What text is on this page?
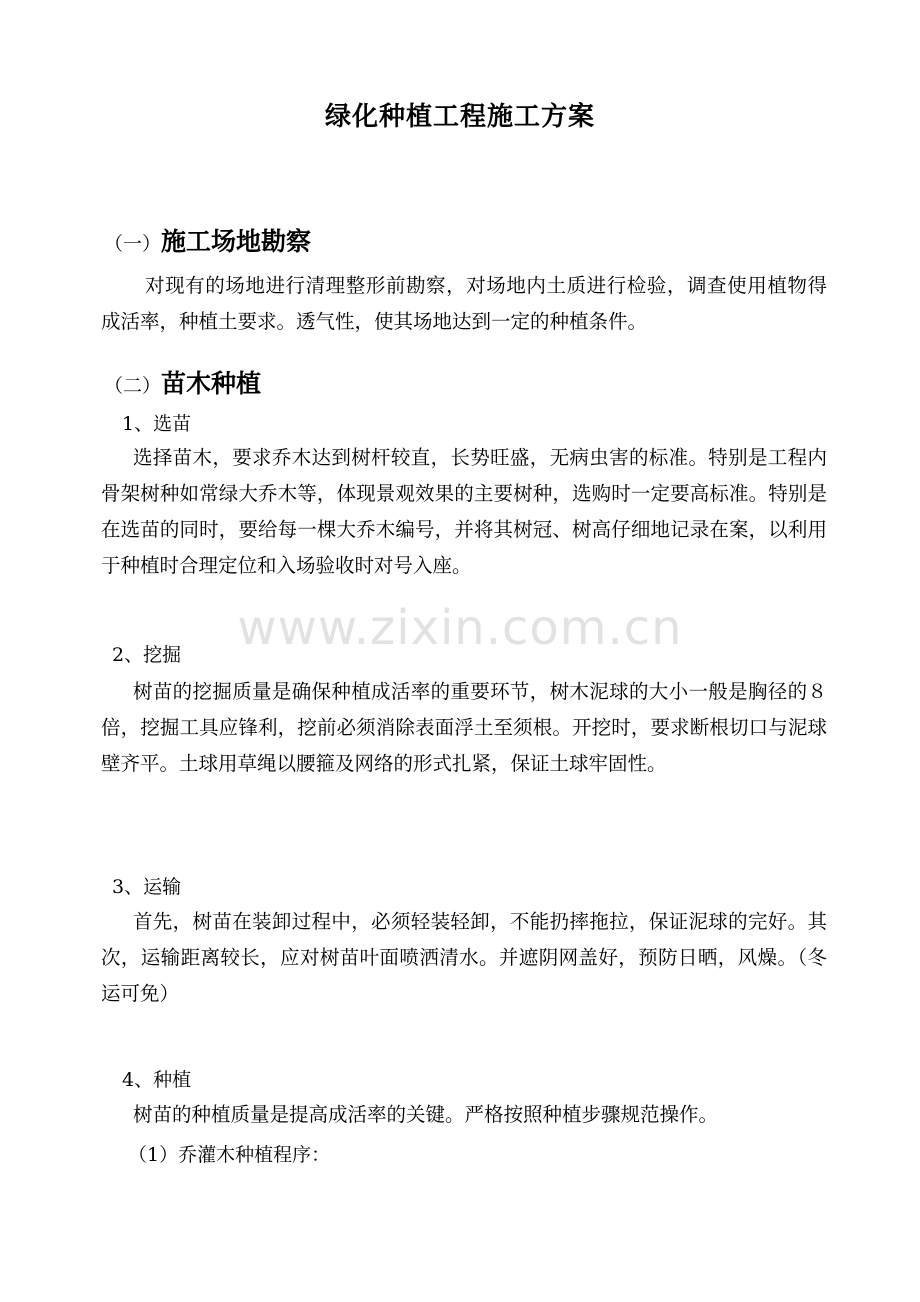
绿化种植工程施工方案
（一）施工场地勘察

对现有的场地进行清理整形前勘察，对场地内土质进行检验，调查使用植物得成活率，种植土要求。透气性，使其场地达到一定的种植条件。

（二）苗木种植
1、选苗

选择苗木，要求乔木达到树杆较直，长势旺盛，无病虫害的标准。特别是工程内骨架树种如常绿大乔木等，体现景观效果的主要树种，选购时一定要高标准。特别是在选苗的同时，要给每一棵大乔木编号，并将其树冠、树高仔细地记录在案，以利用于种植时合理定位和入场验收时对号入座。

2、挖掘

树苗的挖掘质量是确保种植成活率的重要环节，树木泥球的大小一般是胸径的８倍，挖掘工具应锋利，挖前必须消除表面浮土至须根。开挖时，要求断根切口与泥球壁齐平。土球用草绳以腰箍及网络的形式扎紧，保证土球牢固性。

3、运输

首先，树苗在装卸过程中，必须轻装轻卸，不能扔摔拖拉，保证泥球的完好。其次，运输距离较长，应对树苗叶面喷洒清水。并遮阴网盖好，预防日晒，风燥。（冬运可免）

4、种植

树苗的种植质量是提高成活率的关键。严格按照种植步骤规范操作。

（1）乔灌木种植程序：
www.zixin.com.cn
